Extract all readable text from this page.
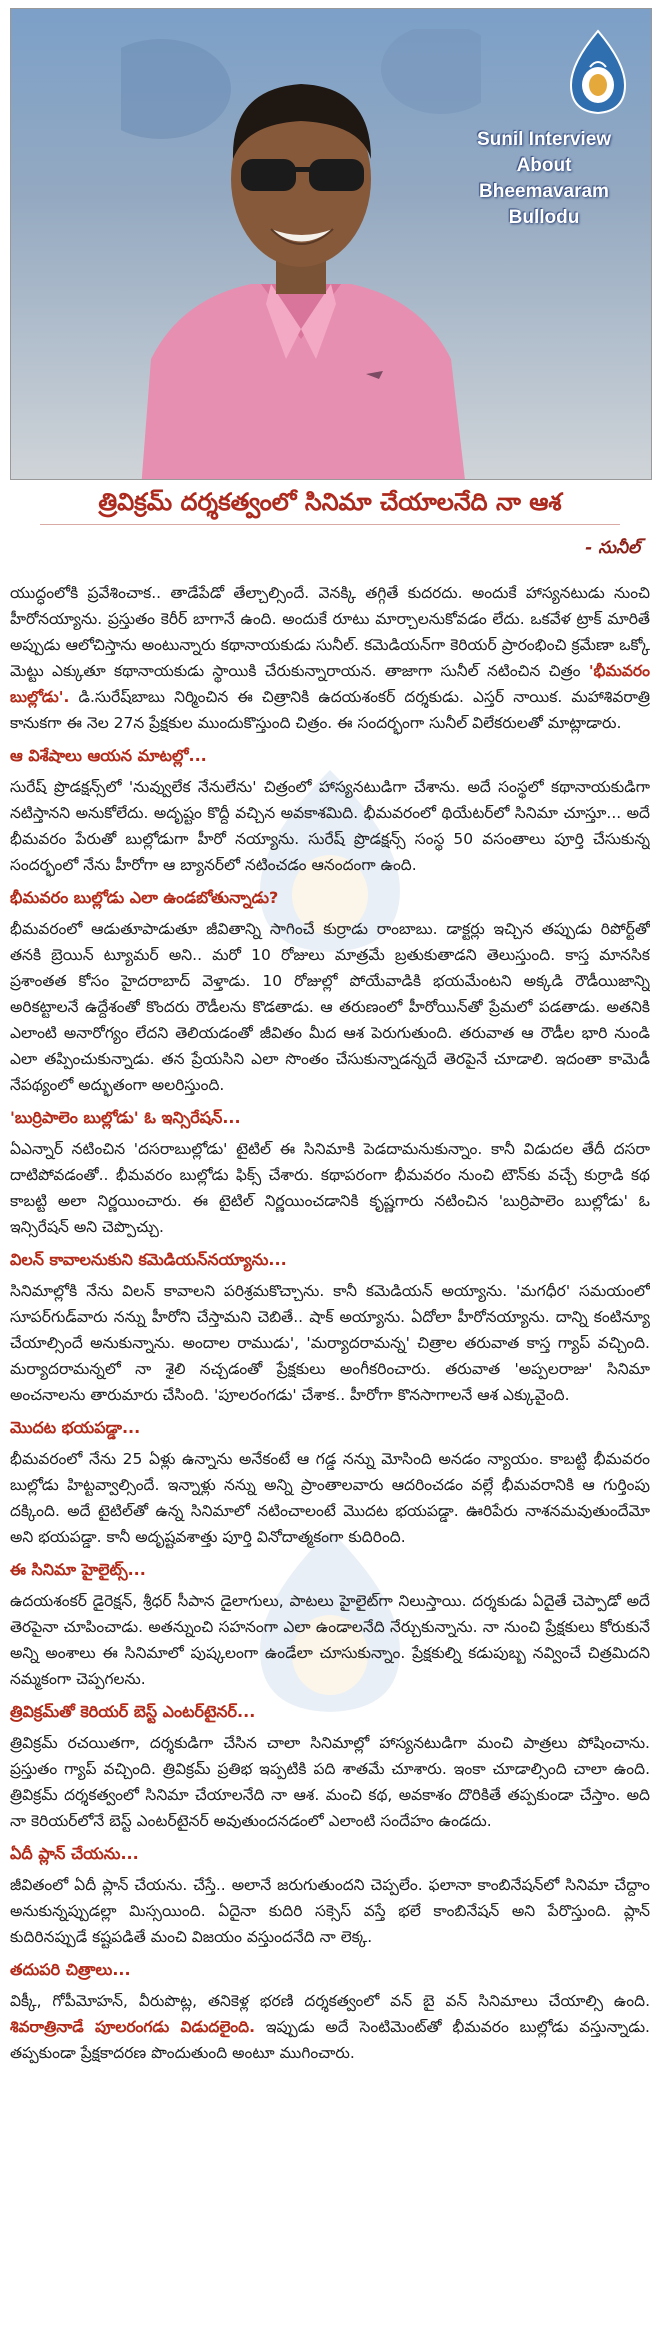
Sunil Interview
About
Bheemavaram Bullodu
త్రివిక్రమ్ దర్శకత్వంలో సినిమా చేయాలనేది నా ఆశ
- సునీల్

యుద్ధంలోకి ప్రవేశించాక.. తాడేపేడో తేల్చాల్సిందే. వెనక్కి తగ్గితే కుదరదు. అందుకే హాస్యనటుడు నుంచి హీరోనయ్యాను. ప్రస్తుతం కెరీర్ బాగానే ఉంది. అందుకే రూటు మార్చాలనుకోవడం లేదు. ఒకవేళ ట్రాక్ మారితే అప్పుడు ఆలోచిస్తాను అంటున్నారు కథానాయకుడు సునీల్. కమెడియన్‌గా కెరియర్ ప్రారంభించి క్రమేణా ఒక్కో మెట్టు ఎక్కుతూ కథానాయకుడు స్థాయికి చేరుకున్నారాయన. తాజాగా సునీల్ నటించిన చిత్రం 'భీమవరం బుల్లోడు'. డి.సురేష్‌బాబు నిర్మించిన ఈ చిత్రానికి ఉదయశంకర్ దర్శకుడు. ఎస్తర్ నాయిక. మహాశివరాత్రి కానుకగా ఈ నెల 27న ప్రేక్షకుల ముందుకొస్తుంది చిత్రం. ఈ సందర్భంగా సునీల్ విలేకరులతో మాట్లాడారు.

ఆ విశేషాలు ఆయన మాటల్లో...

సురేష్ ప్రొడక్షన్స్‌లో 'నువ్వులేక నేనులేను' చిత్రంలో హాస్యనటుడిగా చేశాను. అదే సంస్థలో కథానాయకుడిగా నటిస్తానని అనుకోలేదు. అదృష్టం కొద్దీ వచ్చిన అవకాశమిది. భీమవరంలో థియేటర్‌లో సినిమా చూస్తూ... అదే భీమవరం పేరుతో బుల్లోడుగా హీరో నయ్యాను. సురేష్ ప్రొడక్షన్స్ సంస్థ 50 వసంతాలు పూర్తి చేసుకున్న సందర్భంలో నేను హీరోగా ఆ బ్యానర్‌లో నటించడం ఆనందంగా ఉంది.

భీమవరం బుల్లోడు ఎలా ఉండబోతున్నాడు?

భీమవరంలో ఆడుతూపాడుతూ జీవితాన్ని సాగించే కుర్రాడు రాంబాబు. డాక్టర్లు ఇచ్చిన తప్పుడు రిపోర్ట్‌తో తనకి బ్రెయిన్ ట్యూమర్ అని.. మరో 10 రోజులు మాత్రమే బ్రతుకుతాడని తెలుస్తుంది. కాస్త మానసిక ప్రశాంతత కోసం హైదరాబాద్ వెళ్తాడు. 10 రోజుల్లో పోయేవాడికి భయమేంటని అక్కడి రౌడీయిజాన్ని అరికట్టాలనే ఉద్దేశంతో కొందరు రౌడీలను కొడతాడు. ఆ తరుణంలో హీరోయిన్‌తో ప్రేమలో పడతాడు. అతనికి ఎలాంటి అనారోగ్యం లేదని తెలియడంతో జీవితం మీద ఆశ పెరుగుతుంది. తరువాత ఆ రౌడీల భారి నుండి ఎలా తప్పించుకున్నాడు. తన ప్రేయసిని ఎలా సొంతం చేసుకున్నాడన్నదే తెరపైనే చూడాలి. ఇదంతా కామెడీ నేపథ్యంలో అద్భుతంగా అలరిస్తుంది.

'బుర్రిపాలెం బుల్లోడు' ఓ ఇన్సిరేషన్...

ఏఎన్నార్ నటించిన 'దసరాబుల్లోడు' టైటిల్ ఈ సినిమాకి పెడదామనుకున్నాం. కానీ విడుదల తేదీ దసరా దాటిపోవడంతో.. భీమవరం బుల్లోడు ఫిక్స్ చేశారు. కథాపరంగా భీమవరం నుంచి టౌన్‌కు వచ్చే కుర్రాడి కథ కాబట్టి అలా నిర్ణయించారు. ఈ టైటిల్ నిర్ణయించడానికి కృష్ణగారు నటించిన 'బుర్రిపాలెం బుల్లోడు' ఓ ఇన్సిరేషన్ అని చెప్పొచ్చు.

విలన్ కావాలనుకుని కమెడియన్‌నయ్యాను...

సినిమాల్లోకి నేను విలన్ కావాలని పరిశ్రమకొచ్చాను. కానీ కమెడియన్ అయ్యాను. 'మగధీర' సమయంలో సూపర్‌గుడ్‌వారు నన్ను హీరోని చేస్తామని చెబితే.. షాక్ అయ్యాను. ఏదోలా హీరోనయ్యాను. దాన్ని కంటిన్యూ చేయాల్సిందే అనుకున్నాను. అందాల రాముడు', 'మర్యాదరామన్న' చిత్రాల తరువాత కాస్త గ్యాప్ వచ్చింది. మర్యాదరామన్నలో నా శైలి నచ్చడంతో ప్రేక్షకులు అంగీకరించారు. తరువాత 'అప్పలరాజు' సినిమా అంచనాలను తారుమారు చేసింది. 'పూలరంగడు' చేశాక.. హీరోగా కొనసాగాలనే ఆశ ఎక్కువైంది.

మొదట భయపడ్డా...

భీమవరంలో నేను 25 ఏళ్లు ఉన్నాను అనేకంటే ఆ గడ్డ నన్ను మోసింది అనడం న్యాయం. కాబట్టి భీమవరం బుల్లోడు హిట్టవ్వాల్సిందే. ఇన్నాళ్లు నన్ను అన్ని ప్రాంతాలవారు ఆదరించడం వల్లే భీమవరానికి ఆ గుర్తింపు దక్కింది. అదే టైటిల్‌తో ఉన్న సినిమాలో నటించాలంటే మొదట భయపడ్డా. ఊరిపేరు నాశనమవుతుందేమో అని భయపడ్డా. కానీ అదృష్టవశాత్తు పూర్తి వినోదాత్మకంగా కుదిరింది.

ఈ సినిమా హైలైట్స్...

ఉదయశంకర్ డైరెక్షన్, శ్రీధర్ సీపాన డైలాగులు, పాటలు హైలైట్‌గా నిలుస్తాయి. దర్శకుడు ఏదైతే చెప్పాడో అదే తెరపైనా చూపించాడు. అతన్నుంచి సహనంగా ఎలా ఉండాలనేది నేర్చుకున్నాను. నా నుంచి ప్రేక్షకులు కోరుకునే అన్ని అంశాలు ఈ సినిమాలో పుష్కలంగా ఉండేలా చూసుకున్నాం. ప్రేక్షకుల్ని కడుపుబ్బ నవ్వించే చిత్రమిదని నమ్మకంగా చెప్పగలను.

త్రివిక్రమ్‌తో కెరియర్ బెస్ట్ ఎంటర్‌టైనర్...

త్రివిక్రమ్ రచయితగా, దర్శకుడిగా చేసిన చాలా సినిమాల్లో హాస్యనటుడిగా మంచి పాత్రలు పోషించాను. ప్రస్తుతం గ్యాప్ వచ్చింది. త్రివిక్రమ్ ప్రతిభ ఇప్పటికి పది శాతమే చూశారు. ఇంకా చూడాల్సింది చాలా ఉంది. త్రివిక్రమ్ దర్శకత్వంలో సినిమా చేయాలనేది నా ఆశ. మంచి కథ, అవకాశం దొరికితే తప్పకుండా చేస్తాం. అది నా కెరియర్‌లోనే బెస్ట్ ఎంటర్‌టైనర్ అవుతుందనడంలో ఎలాంటి సందేహం ఉండదు.

ఏదీ ప్లాన్ చేయను...

జీవితంలో ఏదీ ప్లాన్ చేయను. చేస్తే.. అలానే జరుగుతుందని చెప్పలేం. ఫలానా కాంబినేషన్‌లో సినిమా చేద్దాం అనుకున్నప్పుడల్లా మిస్సయింది. ఏదైనా కుదిరి సక్సెస్ వస్తే భలే కాంబినేషన్ అని పేరొస్తుంది. ప్లాన్ కుదిరినప్పుడే కష్టపడితే మంచి విజయం వస్తుందనేది నా లెక్క.

తదుపరి చిత్రాలు...

విక్కీ, గోపీమోహన్, వీరుపొట్ల, తనికెళ్ల భరణి దర్శకత్వంలో వన్ బై వన్ సినిమాలు చేయాల్సి ఉంది. శివరాత్రినాడే పూలరంగడు విడుదలైంది. ఇప్పుడు అదే సెంటిమెంట్‌తో భీమవరం బుల్లోడు వస్తున్నాడు. తప్పకుండా ప్రేక్షకాదరణ పొందుతుంది అంటూ ముగించారు.
